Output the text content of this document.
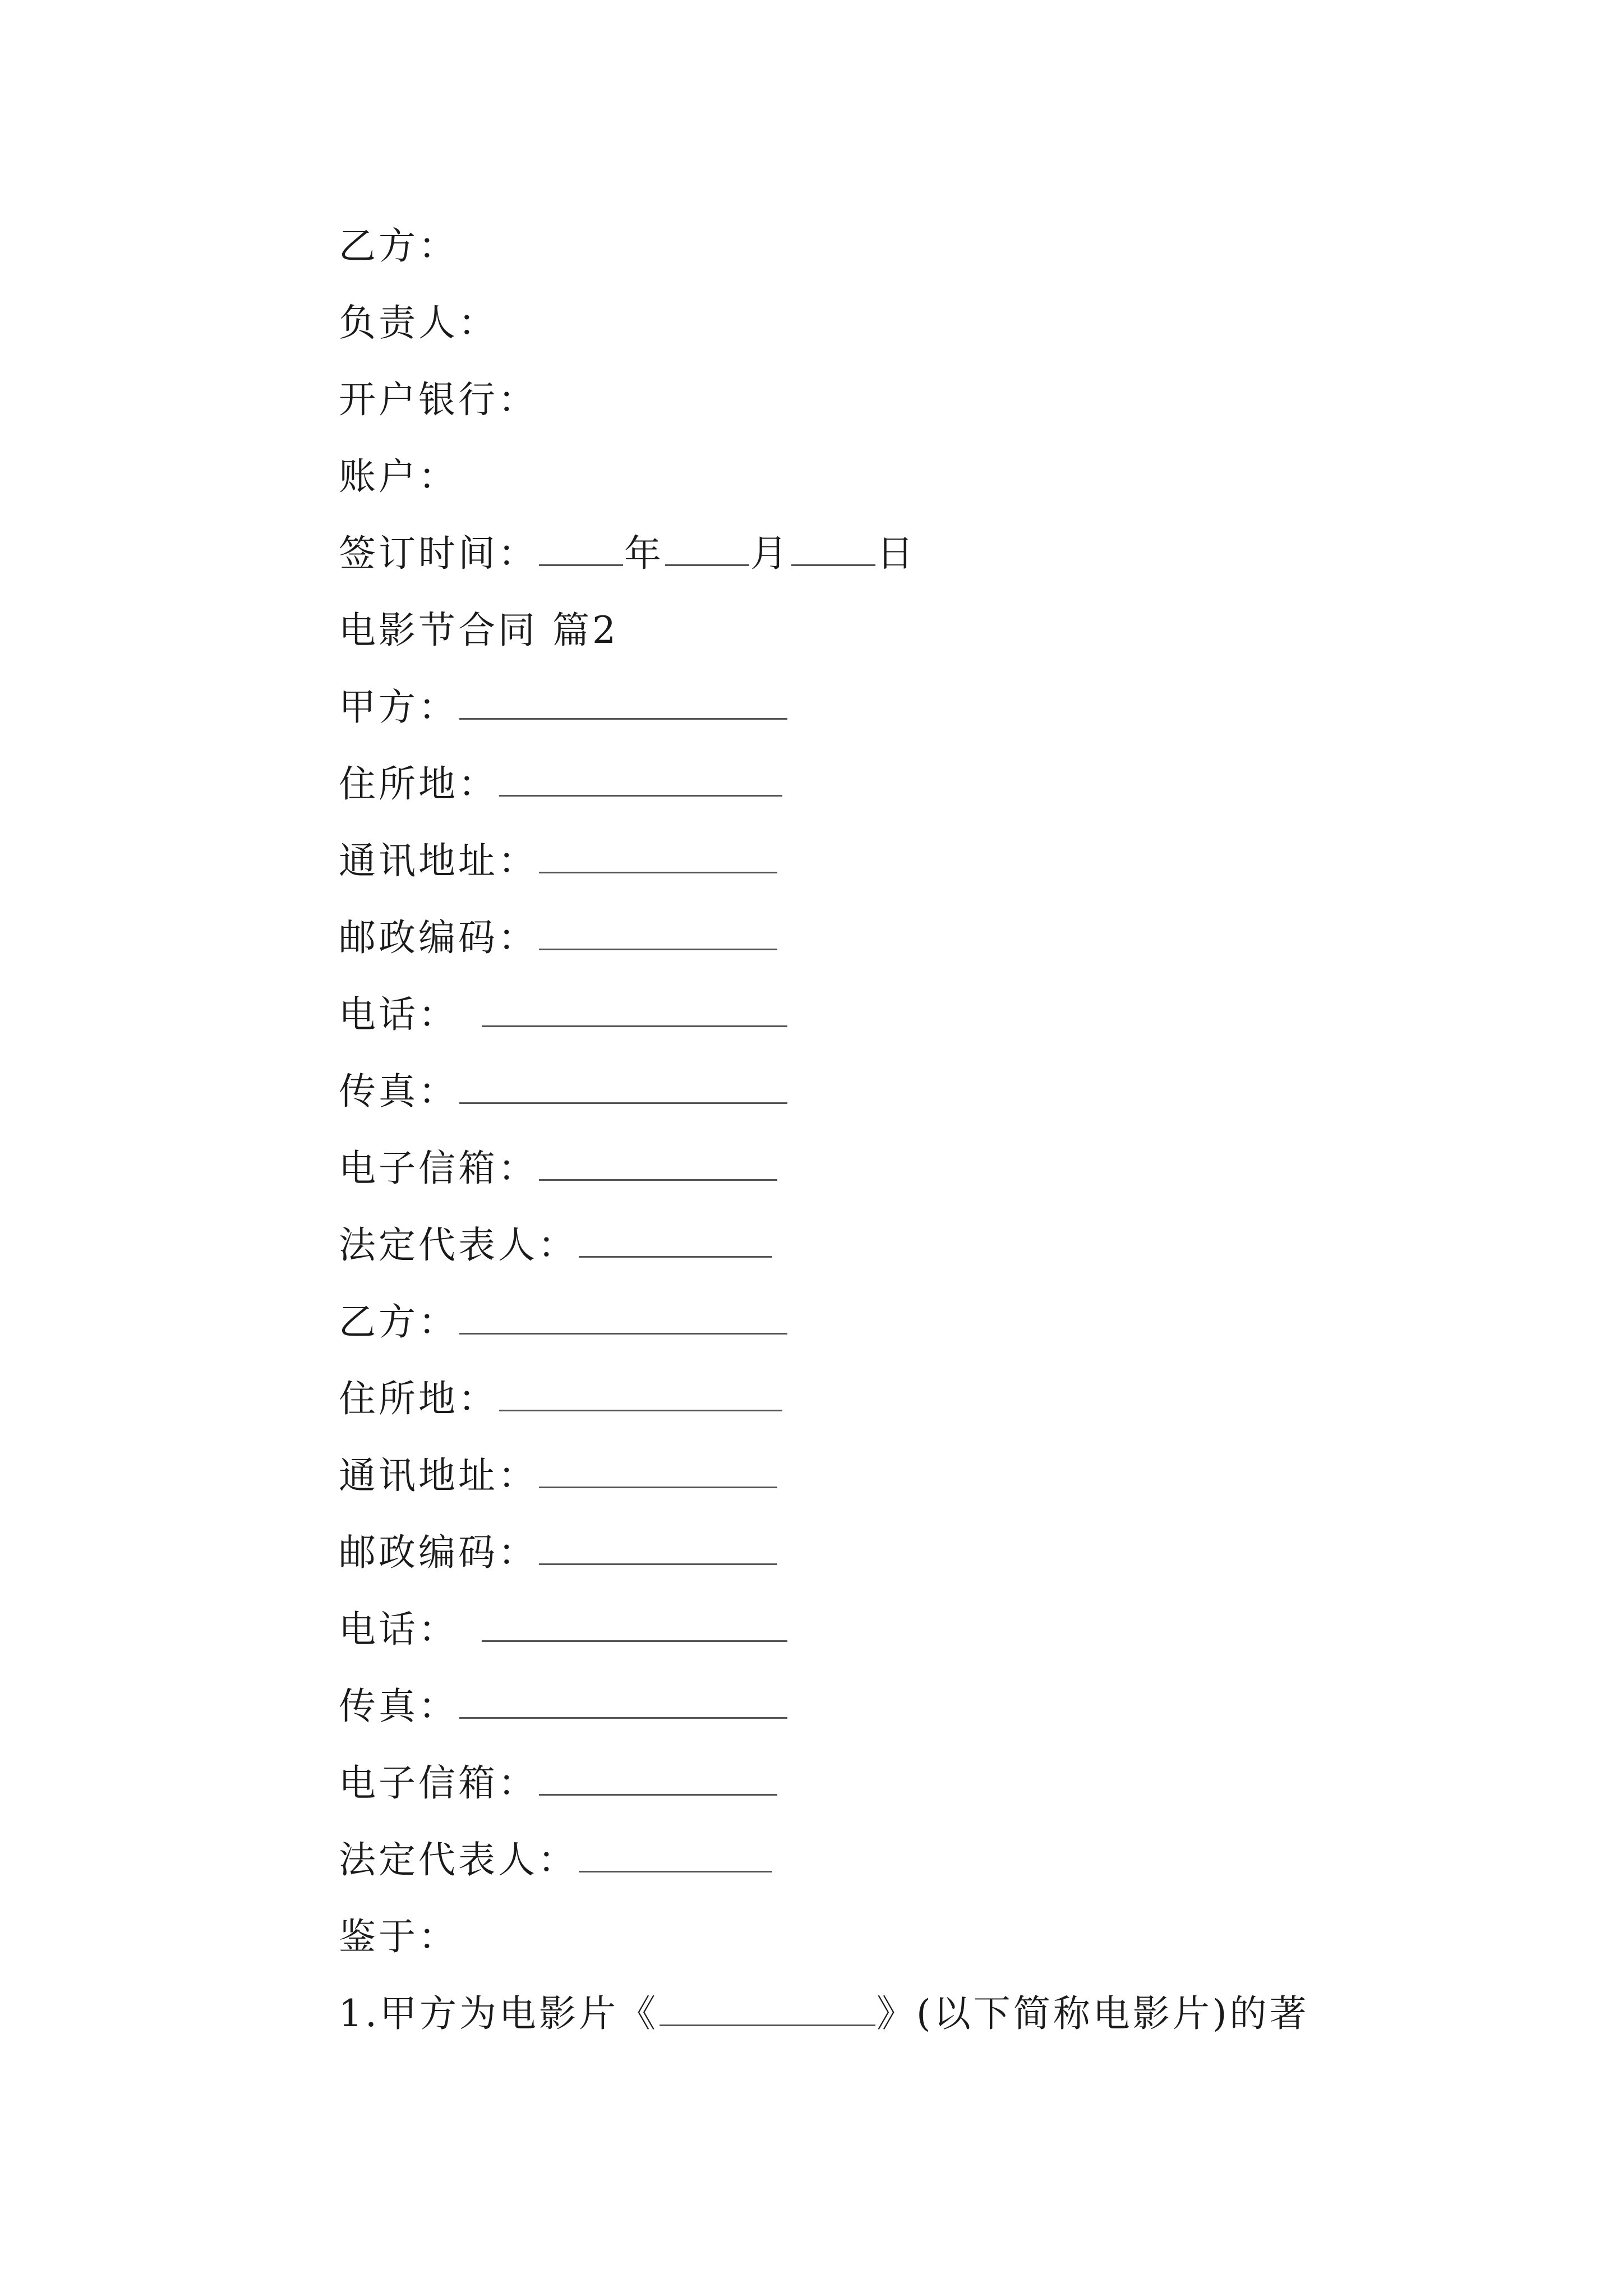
乙方：
负责人：
开户银行：
账户：
签订时间： 年 月 日
电影节合同 篇2
甲方：
住所地：
通讯地址：
邮政编码：
电话：
传真：
电子信箱：
法定代表人：
乙方：
住所地：
通讯地址：
邮政编码：
电话：
传真：
电子信箱：
法定代表人：
鉴于：
1.甲方为电影片《	》(以下简称电影片)的著
